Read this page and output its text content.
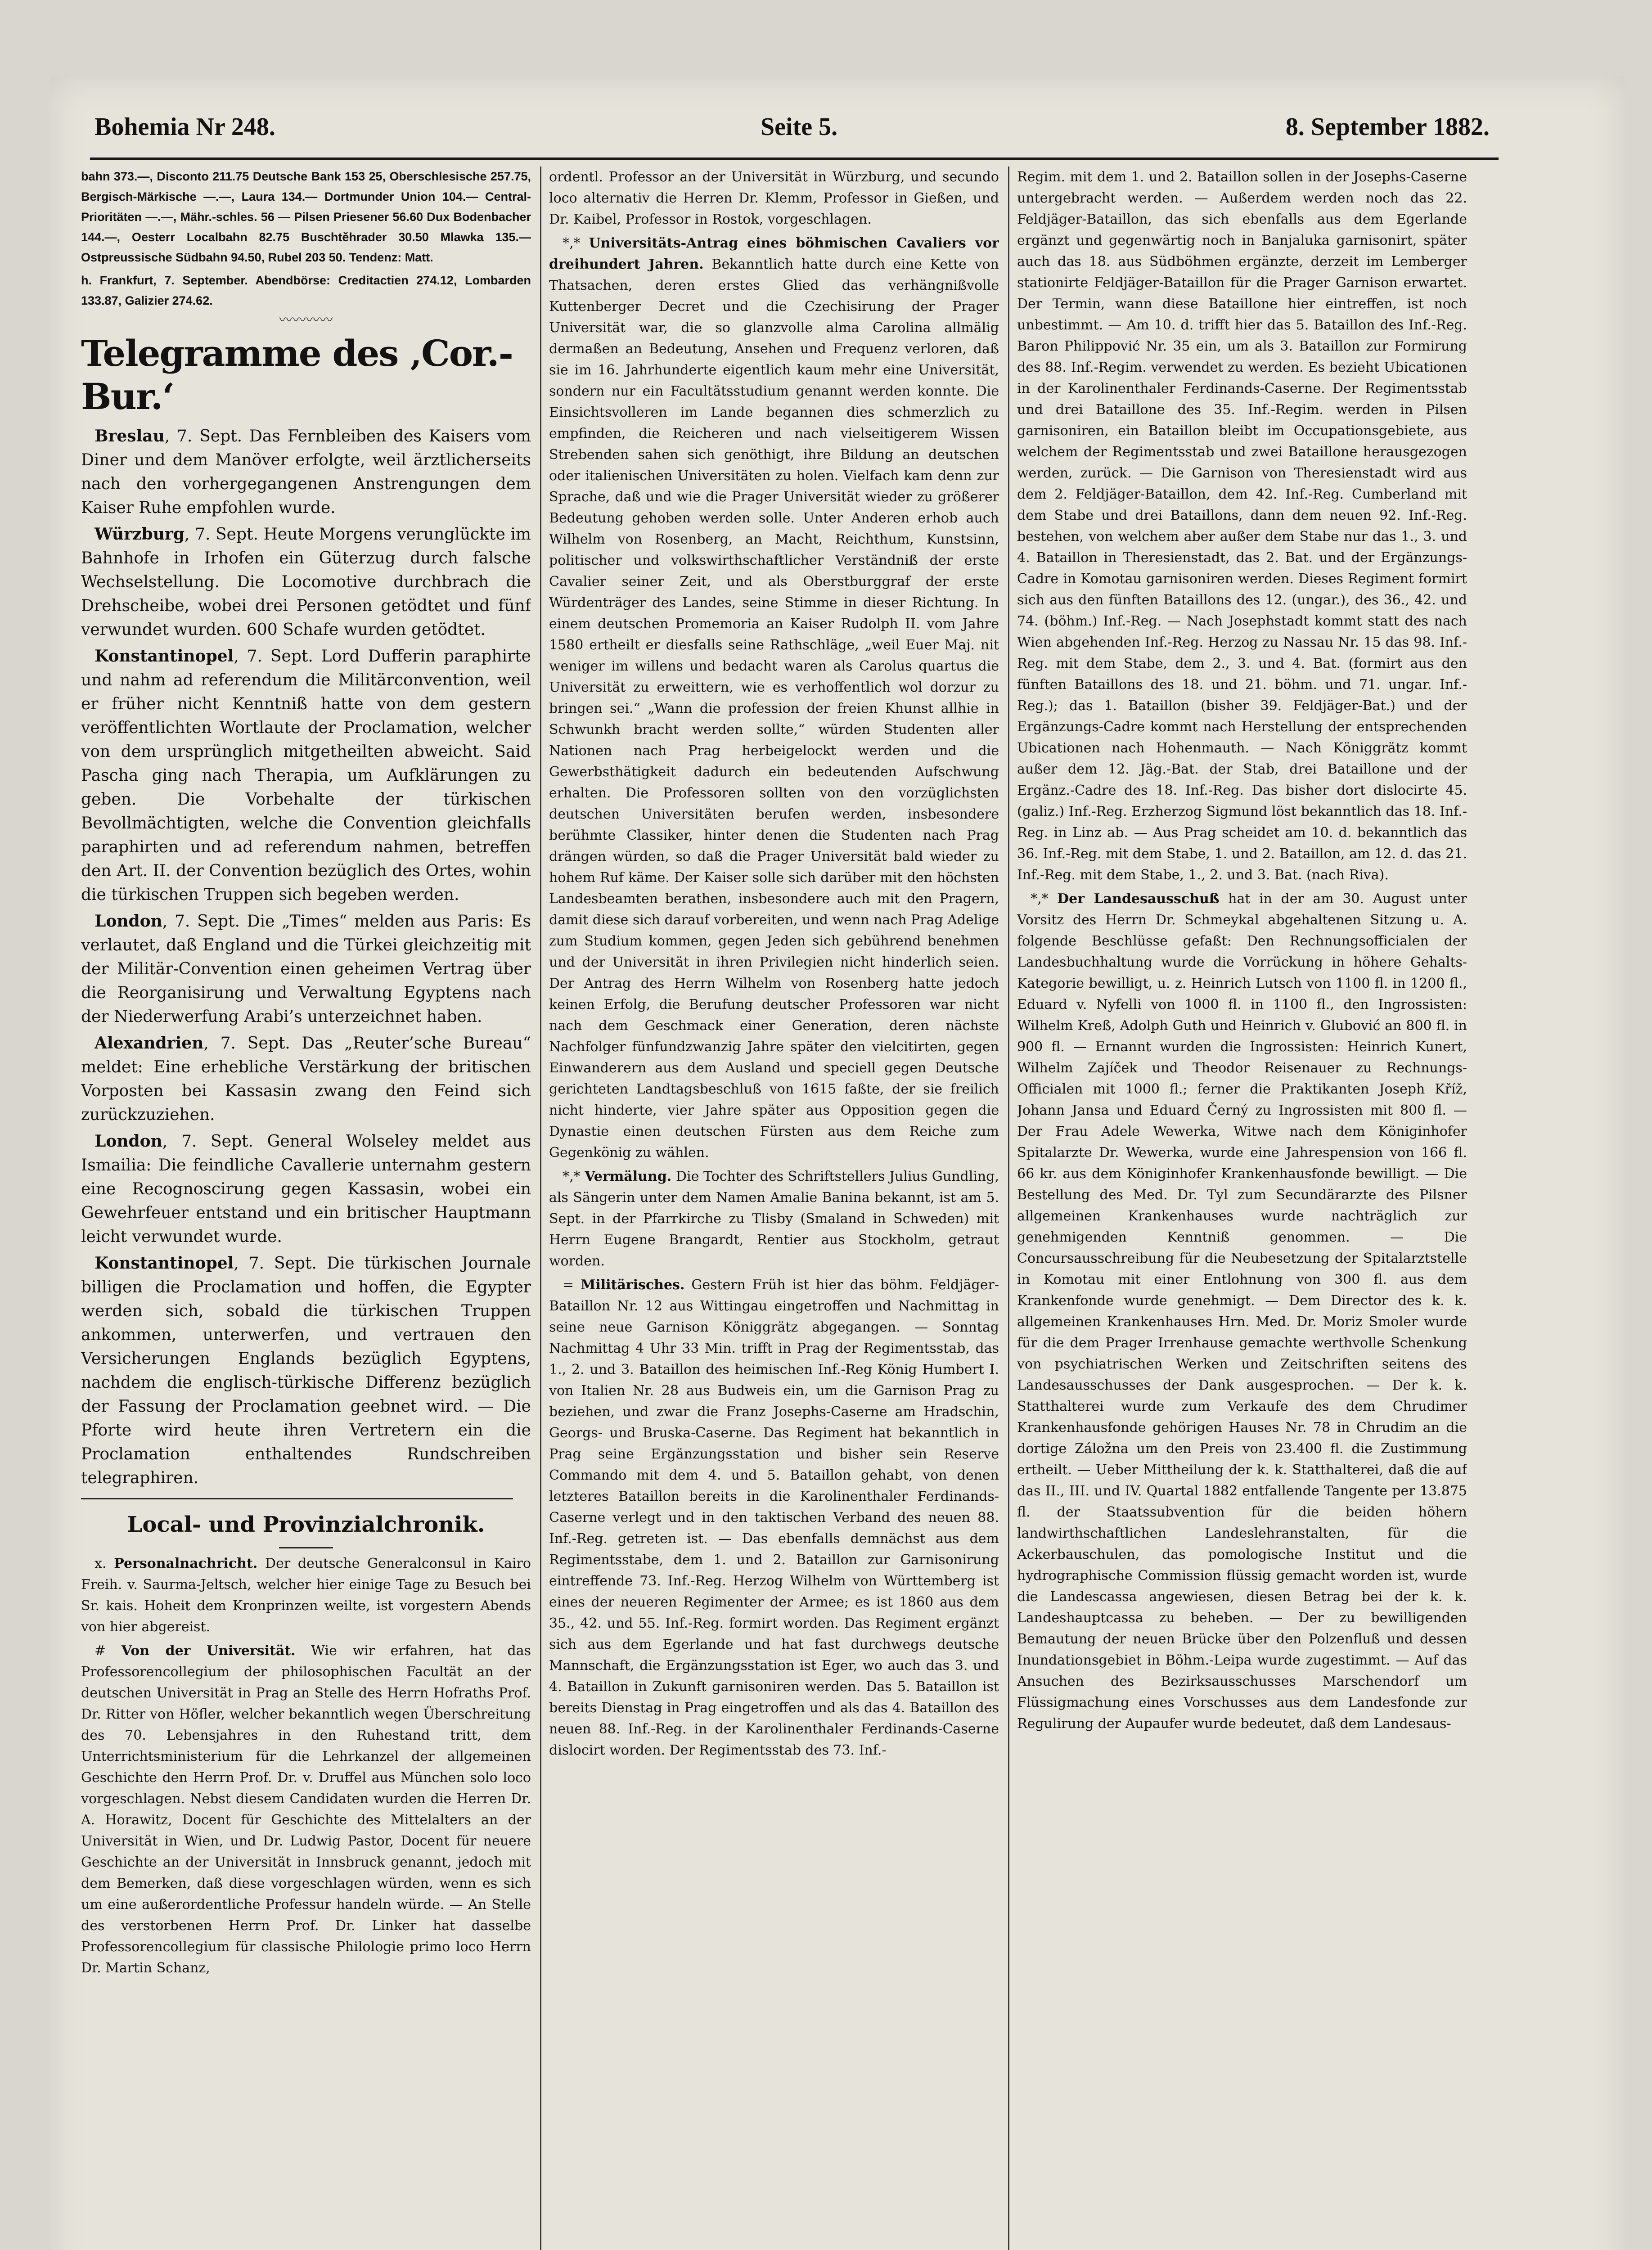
Bohemia Nr 248.	Seite 5.	8. September 1882.

bahn 373.—, Disconto 211.75 Deutsche Bank 153 25, Oberschlesische 257.75, Bergisch-Märkische —.—, Laura 134.— Dortmunder Union 104.— Central-Prioritäten —.—, Mähr.-schles. 56 — Pilsen Priesener 56.60 Dux Bodenbacher 144.—, Oesterr Localbahn 82.75 Buschtěhrader 30.50 Mlawka 135.— Ostpreussische Südbahn 94.50, Rubel 203 50. Tendenz: Matt.

h. Frankfurt, 7. September. Abendbörse: Creditactien 274.12, Lombarden 133.87, Galizier 274.62.

〰〰〰〰
Telegramme des ‚Cor.-Bur.‘

Breslau, 7. Sept. Das Fernbleiben des Kaisers vom Diner und dem Manöver erfolgte, weil ärztlicherseits nach den vorhergegangenen Anstrengungen dem Kaiser Ruhe empfohlen wurde.

Würzburg, 7. Sept. Heute Morgens verunglückte im Bahnhofe in Irhofen ein Güterzug durch falsche Wechselstellung. Die Locomotive durchbrach die Drehscheibe, wobei drei Personen getödtet und fünf verwundet wurden. 600 Schafe wurden getödtet.

Konstantinopel, 7. Sept. Lord Dufferin paraphirte und nahm ad referendum die Militärconvention, weil er früher nicht Kenntniß hatte von dem gestern veröffentlichten Wortlaute der Proclamation, welcher von dem ursprünglich mitgetheilten abweicht. Said Pascha ging nach Therapia, um Aufklärungen zu geben. Die Vorbehalte der türkischen Bevollmächtigten, welche die Convention gleichfalls paraphirten und ad referendum nahmen, betreffen den Art. II. der Convention bezüglich des Ortes, wohin die türkischen Truppen sich begeben werden.

London, 7. Sept. Die „Times“ melden aus Paris: Es verlautet, daß England und die Türkei gleichzeitig mit der Militär-Convention einen geheimen Vertrag über die Reorganisirung und Verwaltung Egyptens nach der Niederwerfung Arabi’s unterzeichnet haben.

Alexandrien, 7. Sept. Das „Reuter’sche Bureau“ meldet: Eine erhebliche Verstärkung der britischen Vorposten bei Kassasin zwang den Feind sich zurückzuziehen.

London, 7. Sept. General Wolseley meldet aus Ismailia: Die feindliche Cavallerie unternahm gestern eine Recognoscirung gegen Kassasin, wobei ein Gewehrfeuer entstand und ein britischer Hauptmann leicht verwundet wurde.

Konstantinopel, 7. Sept. Die türkischen Journale billigen die Proclamation und hoffen, die Egypter werden sich, sobald die türkischen Truppen ankommen, unterwerfen, und vertrauen den Versicherungen Englands bezüglich Egyptens, nachdem die englisch-türkische Differenz bezüglich der Fassung der Proclamation geebnet wird. — Die Pforte wird heute ihren Vertretern ein die Proclamation enthaltendes Rundschreiben telegraphiren.

Local- und Provinzialchronik.

x. Personalnachricht. Der deutsche Generalconsul in Kairo Freih. v. Saurma-Jeltsch, welcher hier einige Tage zu Besuch bei Sr. kais. Hoheit dem Kronprinzen weilte, ist vorgestern Abends von hier abgereist.

# Von der Universität. Wie wir erfahren, hat das Professorencollegium der philosophischen Facultät an der deutschen Universität in Prag an Stelle des Herrn Hofraths Prof. Dr. Ritter von Höfler, welcher bekanntlich wegen Überschreitung des 70. Lebensjahres in den Ruhestand tritt, dem Unterrichtsministerium für die Lehrkanzel der allgemeinen Geschichte den Herrn Prof. Dr. v. Druffel aus München solo loco vorgeschlagen. Nebst diesem Candidaten wurden die Herren Dr. A. Horawitz, Docent für Geschichte des Mittelalters an der Universität in Wien, und Dr. Ludwig Pastor, Docent für neuere Geschichte an der Universität in Innsbruck genannt, jedoch mit dem Bemerken, daß diese vorgeschlagen würden, wenn es sich um eine außerordentliche Professur handeln würde. — An Stelle des verstorbenen Herrn Prof. Dr. Linker hat dasselbe Professorencollegium für classische Philologie primo loco Herrn Dr. Martin Schanz,

ordentl. Professor an der Universität in Würzburg, und secundo loco alternativ die Herren Dr. Klemm, Professor in Gießen, und Dr. Kaibel, Professor in Rostok, vorgeschlagen.

*‚* Universitäts-Antrag eines böhmischen Cavaliers vor dreihundert Jahren. Bekanntlich hatte durch eine Kette von Thatsachen, deren erstes Glied das verhängnißvolle Kuttenberger Decret und die Czechisirung der Prager Universität war, die so glanzvolle alma Carolina allmälig dermaßen an Bedeutung, Ansehen und Frequenz verloren, daß sie im 16. Jahrhunderte eigentlich kaum mehr eine Universität, sondern nur ein Facultätsstudium genannt werden konnte. Die Einsichtsvolleren im Lande begannen dies schmerzlich zu empfinden, die Reicheren und nach vielseitigerem Wissen Strebenden sahen sich genöthigt, ihre Bildung an deutschen oder italienischen Universitäten zu holen. Vielfach kam denn zur Sprache, daß und wie die Prager Universität wieder zu größerer Bedeutung gehoben werden solle. Unter Anderen erhob auch Wilhelm von Rosenberg, an Macht, Reichthum, Kunstsinn, politischer und volkswirthschaftlicher Verständniß der erste Cavalier seiner Zeit, und als Oberstburggraf der erste Würdenträger des Landes, seine Stimme in dieser Richtung. In einem deutschen Promemoria an Kaiser Rudolph II. vom Jahre 1580 ertheilt er diesfalls seine Rathschläge, „weil Euer Maj. nit weniger im willens und bedacht waren als Carolus quartus die Universität zu erweittern, wie es verhoffentlich wol dorzur zu bringen sei.“ „Wann die profession der freien Khunst allhie in Schwunkh bracht werden sollte,“ würden Studenten aller Nationen nach Prag herbeigelockt werden und die Gewerbsthätigkeit dadurch ein bedeutenden Aufschwung erhalten. Die Professoren sollten von den vorzüglichsten deutschen Universitäten berufen werden, insbesondere berühmte Classiker, hinter denen die Studenten nach Prag drängen würden, so daß die Prager Universität bald wieder zu hohem Ruf käme. Der Kaiser solle sich darüber mit den höchsten Landesbeamten berathen, insbesondere auch mit den Pragern, damit diese sich darauf vorbereiten, und wenn nach Prag Adelige zum Studium kommen, gegen Jeden sich gebührend benehmen und der Universität in ihren Privilegien nicht hinderlich seien. Der Antrag des Herrn Wilhelm von Rosenberg hatte jedoch keinen Erfolg, die Berufung deutscher Professoren war nicht nach dem Geschmack einer Generation, deren nächste Nachfolger fünfundzwanzig Jahre später den vielcitirten, gegen Einwanderern aus dem Ausland und speciell gegen Deutsche gerichteten Landtagsbeschluß von 1615 faßte, der sie freilich nicht hinderte, vier Jahre später aus Opposition gegen die Dynastie einen deutschen Fürsten aus dem Reiche zum Gegenkönig zu wählen.

*‚* Vermälung. Die Tochter des Schriftstellers Julius Gundling, als Sängerin unter dem Namen Amalie Banina bekannt, ist am 5. Sept. in der Pfarrkirche zu Tlisby (Smaland in Schweden) mit Herrn Eugene Brangardt, Rentier aus Stockholm, getraut worden.

= Militärisches. Gestern Früh ist hier das böhm. Feldjäger-Bataillon Nr. 12 aus Wittingau eingetroffen und Nachmittag in seine neue Garnison Königgrätz abgegangen. — Sonntag Nachmittag 4 Uhr 33 Min. trifft in Prag der Regimentsstab, das 1., 2. und 3. Bataillon des heimischen Inf.-Reg König Humbert I. von Italien Nr. 28 aus Budweis ein, um die Garnison Prag zu beziehen, und zwar die Franz Josephs-Caserne am Hradschin, Georgs- und Bruska-Caserne. Das Regiment hat bekanntlich in Prag seine Ergänzungsstation und bisher sein Reserve Commando mit dem 4. und 5. Bataillon gehabt, von denen letzteres Bataillon bereits in die Karolinenthaler Ferdinands-Caserne verlegt und in den taktischen Verband des neuen 88. Inf.-Reg. getreten ist. — Das ebenfalls demnächst aus dem Regimentsstabe, dem 1. und 2. Bataillon zur Garnisonirung eintreffende 73. Inf.-Reg. Herzog Wilhelm von Württemberg ist eines der neueren Regimenter der Armee; es ist 1860 aus dem 35., 42. und 55. Inf.-Reg. formirt worden. Das Regiment ergänzt sich aus dem Egerlande und hat fast durchwegs deutsche Mannschaft, die Ergänzungsstation ist Eger, wo auch das 3. und 4. Bataillon in Zukunft garnisoniren werden. Das 5. Bataillon ist bereits Dienstag in Prag eingetroffen und als das 4. Bataillon des neuen 88. Inf.-Reg. in der Karolinenthaler Ferdinands-Caserne dislocirt worden. Der Regimentsstab des 73. Inf.-

Regim. mit dem 1. und 2. Bataillon sollen in der Josephs-Caserne untergebracht werden. — Außerdem werden noch das 22. Feldjäger-Bataillon, das sich ebenfalls aus dem Egerlande ergänzt und gegenwärtig noch in Banjaluka garnisonirt, später auch das 18. aus Südböhmen ergänzte, derzeit im Lemberger stationirte Feldjäger-Bataillon für die Prager Garnison erwartet. Der Termin, wann diese Bataillone hier eintreffen, ist noch unbestimmt. — Am 10. d. trifft hier das 5. Bataillon des Inf.-Reg. Baron Philippović Nr. 35 ein, um als 3. Bataillon zur Formirung des 88. Inf.-Regim. verwendet zu werden. Es bezieht Ubicationen in der Karolinenthaler Ferdinands-Caserne. Der Regimentsstab und drei Bataillone des 35. Inf.-Regim. werden in Pilsen garnisoniren, ein Bataillon bleibt im Occupationsgebiete, aus welchem der Regimentsstab und zwei Bataillone herausgezogen werden, zurück. — Die Garnison von Theresienstadt wird aus dem 2. Feldjäger-Bataillon, dem 42. Inf.-Reg. Cumberland mit dem Stabe und drei Bataillons, dann dem neuen 92. Inf.-Reg. bestehen, von welchem aber außer dem Stabe nur das 1., 3. und 4. Bataillon in Theresienstadt, das 2. Bat. und der Ergänzungs-Cadre in Komotau garnisoniren werden. Dieses Regiment formirt sich aus den fünften Bataillons des 12. (ungar.), des 36., 42. und 74. (böhm.) Inf.-Reg. — Nach Josephstadt kommt statt des nach Wien abgehenden Inf.-Reg. Herzog zu Nassau Nr. 15 das 98. Inf.-Reg. mit dem Stabe, dem 2., 3. und 4. Bat. (formirt aus den fünften Bataillons des 18. und 21. böhm. und 71. ungar. Inf.-Reg.); das 1. Bataillon (bisher 39. Feldjäger-Bat.) und der Ergänzungs-Cadre kommt nach Herstellung der entsprechenden Ubicationen nach Hohenmauth. — Nach Königgrätz kommt außer dem 12. Jäg.-Bat. der Stab, drei Bataillone und der Ergänz.-Cadre des 18. Inf.-Reg. Das bisher dort dislocirte 45. (galiz.) Inf.-Reg. Erzherzog Sigmund löst bekanntlich das 18. Inf.-Reg. in Linz ab. — Aus Prag scheidet am 10. d. bekanntlich das 36. Inf.-Reg. mit dem Stabe, 1. und 2. Bataillon, am 12. d. das 21. Inf.-Reg. mit dem Stabe, 1., 2. und 3. Bat. (nach Riva).

*‚* Der Landesausschuß hat in der am 30. August unter Vorsitz des Herrn Dr. Schmeykal abgehaltenen Sitzung u. A. folgende Beschlüsse gefaßt: Den Rechnungsofficialen der Landesbuchhaltung wurde die Vorrückung in höhere Gehalts-Kategorie bewilligt, u. z. Heinrich Lutsch von 1100 fl. in 1200 fl., Eduard v. Nyfelli von 1000 fl. in 1100 fl., den Ingrossisten: Wilhelm Kreß, Adolph Guth und Heinrich v. Glubović an 800 fl. in 900 fl. — Ernannt wurden die Ingrossisten: Heinrich Kunert, Wilhelm Zajíček und Theodor Reisenauer zu Rechnungs-Officialen mit 1000 fl.; ferner die Praktikanten Joseph Kříž, Johann Jansa und Eduard Černý zu Ingrossisten mit 800 fl. — Der Frau Adele Wewerka, Witwe nach dem Königinhofer Spitalarzte Dr. Wewerka, wurde eine Jahrespension von 166 fl. 66 kr. aus dem Königinhofer Krankenhausfonde bewilligt. — Die Bestellung des Med. Dr. Tyl zum Secundärarzte des Pilsner allgemeinen Krankenhauses wurde nachträglich zur genehmigenden Kenntniß genommen. — Die Concursausschreibung für die Neubesetzung der Spitalarztstelle in Komotau mit einer Entlohnung von 300 fl. aus dem Krankenfonde wurde genehmigt. — Dem Director des k. k. allgemeinen Krankenhauses Hrn. Med. Dr. Moriz Smoler wurde für die dem Prager Irrenhause gemachte werthvolle Schenkung von psychiatrischen Werken und Zeitschriften seitens des Landesausschusses der Dank ausgesprochen. — Der k. k. Statthalterei wurde zum Verkaufe des dem Chrudimer Krankenhausfonde gehörigen Hauses Nr. 78 in Chrudim an die dortige Záložna um den Preis von 23.400 fl. die Zustimmung ertheilt. — Ueber Mittheilung der k. k. Statthalterei, daß die auf das II., III. und IV. Quartal 1882 entfallende Tangente per 13.875 fl. der Staatssubvention für die beiden höhern landwirthschaftlichen Landeslehranstalten, für die Ackerbauschulen, das pomologische Institut und die hydrographische Commission flüssig gemacht worden ist, wurde die Landescassa angewiesen, diesen Betrag bei der k. k. Landeshauptcassa zu beheben. — Der zu bewilligenden Bemautung der neuen Brücke über den Polzenfluß und dessen Inundationsgebiet in Böhm.-Leipa wurde zugestimmt. — Auf das Ansuchen des Bezirksausschusses Marschendorf um Flüssigmachung eines Vorschusses aus dem Landesfonde zur Regulirung der Aupaufer wurde bedeutet, daß dem Landesaus-
